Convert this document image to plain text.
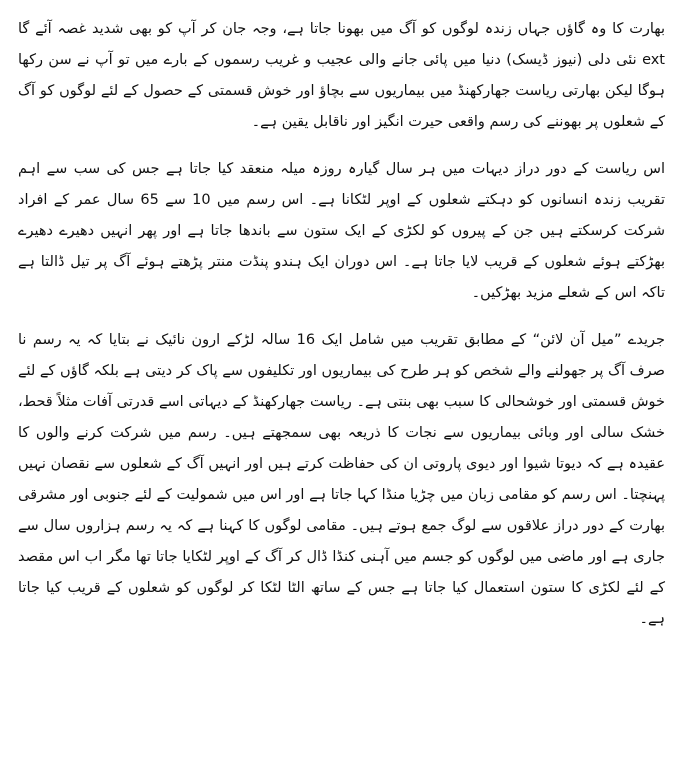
بھارت کا وہ گاؤں جہاں زندہ لوگوں کو آگ میں بھونا جاتا ہے، وجہ جان کر آپ کو بھی شدید غصہ آئے گا ext نئی دلی (نیوز ڈیسک) دنیا میں پائی جانے والی عجیب و غریب رسموں کے بارے میں تو آپ نے سن رکھا ہوگا لیکن بھارتی ریاست جھارکھنڈ میں بیماریوں سے بچاؤ اور خوش قسمتی کے حصول کے لئے لوگوں کو آگ کے شعلوں پر بھوننے کی رسم واقعی حیرت انگیز اور ناقابل یقین ہے۔

اس ریاست کے دور دراز دیہات میں ہر سال گیارہ روزہ میلہ منعقد کیا جاتا ہے جس کی سب سے اہم تقریب زندہ انسانوں کو دہکتے شعلوں کے اوپر لٹکانا ہے۔ اس رسم میں 10 سے 65 سال عمر کے افراد شرکت کرسکتے ہیں جن کے پیروں کو لکڑی کے ایک ستون سے باندھا جاتا ہے اور پھر انہیں دھیرے دھیرے بھڑکتے ہوئے شعلوں کے قریب لایا جاتا ہے۔ اس دوران ایک ہندو پنڈت منتر پڑھتے ہوئے آگ پر تیل ڈالتا ہے تاکہ اس کے شعلے مزید بھڑکیں۔

جریدے ”میل آن لائن“ کے مطابق تقریب میں شامل ایک 16 سالہ لڑکے ارون نائیک نے بتایا کہ یہ رسم نا صرف آگ پر جھولنے والے شخص کو ہر طرح کی بیماریوں اور تکلیفوں سے پاک کر دیتی ہے بلکہ گاؤں کے لئے خوش قسمتی اور خوشحالی کا سبب بھی بنتی ہے۔ ریاست جھارکھنڈ کے دیہاتی اسے قدرتی آفات مثلاً قحط، خشک سالی اور وبائی بیماریوں سے نجات کا ذریعہ بھی سمجھتے ہیں۔ رسم میں شرکت کرنے والوں کا عقیدہ ہے کہ دیوتا شیوا اور دیوی پاروتی ان کی حفاظت کرتے ہیں اور انہیں آگ کے شعلوں سے نقصان نہیں پہنچتا۔ اس رسم کو مقامی زبان میں چڑیا منڈا کہا جاتا ہے اور اس میں شمولیت کے لئے جنوبی اور مشرقی بھارت کے دور دراز علاقوں سے لوگ جمع ہوتے ہیں۔ مقامی لوگوں کا کہنا ہے کہ یہ رسم ہزاروں سال سے جاری ہے اور ماضی میں لوگوں کو جسم میں آہنی کنڈا ڈال کر آگ کے اوپر لٹکایا جاتا تھا مگر اب اس مقصد کے لئے لکڑی کا ستون استعمال کیا جاتا ہے جس کے ساتھ الٹا لٹکا کر لوگوں کو شعلوں کے قریب کیا جاتا ہے۔
